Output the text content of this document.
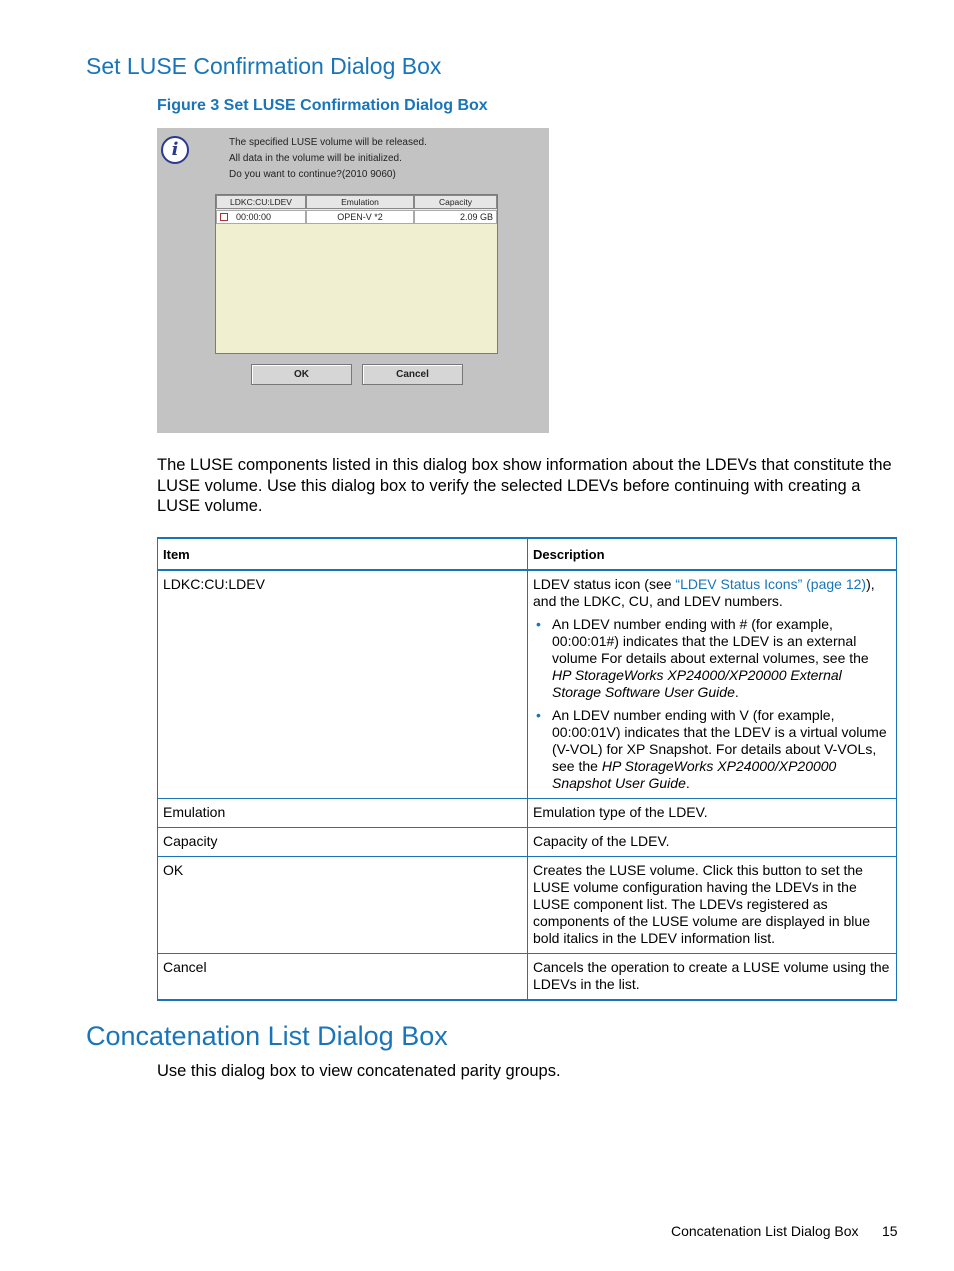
Set LUSE Confirmation Dialog Box

Figure 3 Set LUSE Confirmation Dialog Box

i	The specified LUSE volume will be released.
All data in the volume will be initialized.
Do you want to continue?(2010 9060)
LDKC:CU:LDEV	Emulation	Capacity
00:00:00	OPEN-V *2	2.09 GB
OK	Cancel

The LUSE components listed in this dialog box show information about the LDEVs that constitute the LUSE volume. Use this dialog box to verify the selected LDEVs before continuing with creating a LUSE volume.

Item	Description
LDKC:CU:LDEV	LDEV status icon (see “LDEV Status Icons” (page 12)), and the LDKC, CU, and LDEV numbers.
• An LDEV number ending with # (for example, 00:00:01#) indicates that the LDEV is an external volume For details about external volumes, see the HP StorageWorks XP24000/XP20000 External Storage Software User Guide.
• An LDEV number ending with V (for example, 00:00:01V) indicates that the LDEV is a virtual volume (V-VOL) for XP Snapshot. For details about V-VOLs, see the HP StorageWorks XP24000/XP20000 Snapshot User Guide.

Emulation	Emulation type of the LDEV.
Capacity	Capacity of the LDEV.
OK	Creates the LUSE volume. Click this button to set the LUSE volume configuration having the LDEVs in the LUSE component list. The LDEVs registered as components of the LUSE volume are displayed in blue bold italics in the LDEV information list.
Cancel	Cancels the operation to create a LUSE volume using the LDEVs in the list.
Concatenation List Dialog Box

Use this dialog box to view concatenated parity groups.

Concatenation List Dialog Box 15
